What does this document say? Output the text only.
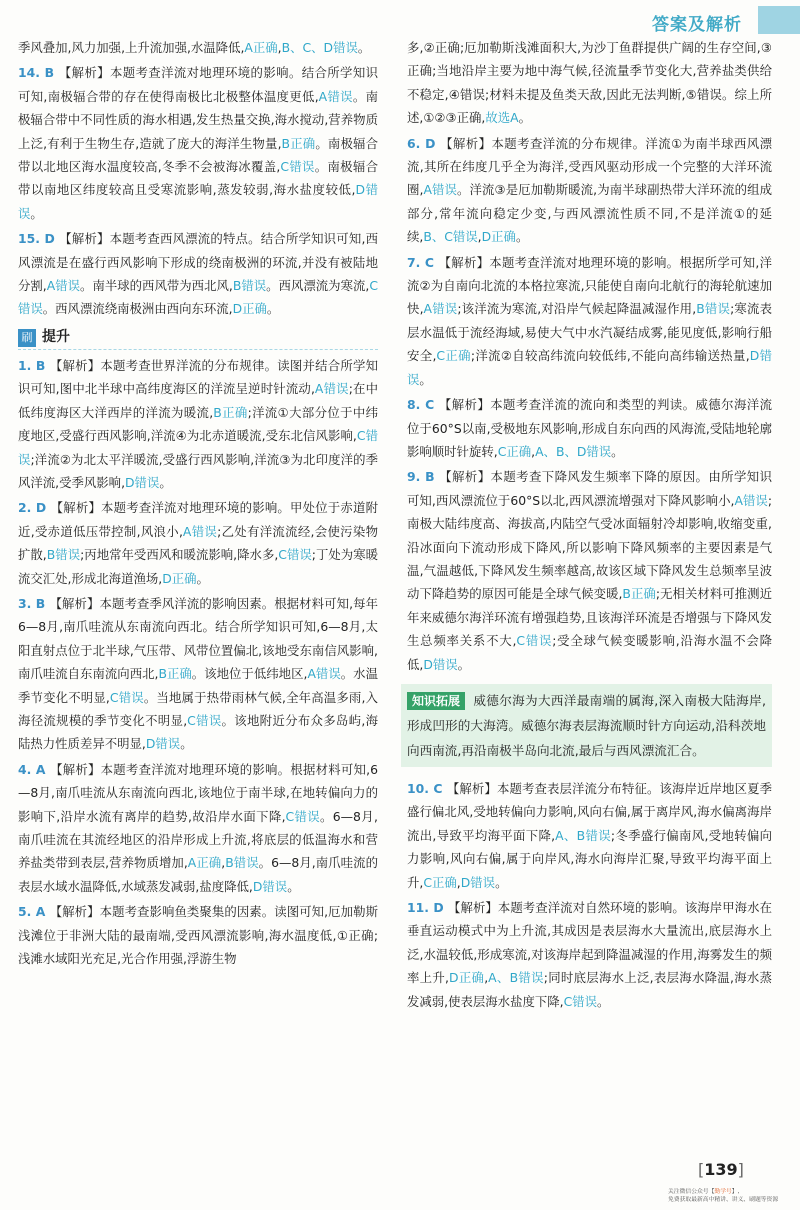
答案及解析

季风叠加,风力加强,上升流加强,水温降低,A正确,B、C、D错误。

14. B 【解析】本题考查洋流对地理环境的影响。结合所学知识可知,南极辐合带的存在使得南极比北极整体温度更低,A错误。南极辐合带中不同性质的海水相遇,发生热量交换,海水搅动,营养物质上泛,有利于生物生存,造就了庞大的海洋生物量,B正确。南极辐合带以北地区海水温度较高,冬季不会被海冰覆盖,C错误。南极辐合带以南地区纬度较高且受寒流影响,蒸发较弱,海水盐度较低,D错误。

15. D 【解析】本题考查西风漂流的特点。结合所学知识可知,西风漂流是在盛行西风影响下形成的绕南极洲的环流,并没有被陆地分割,A错误。南半球的西风带为西北风,B错误。西风漂流为寒流,C错误。西风漂流绕南极洲由西向东环流,D正确。

刷 提升

1. B 【解析】本题考查世界洋流的分布规律。读图并结合所学知识可知,图中北半球中高纬度海区的洋流呈逆时针流动,A错误;在中低纬度海区大洋西岸的洋流为暖流,B正确;洋流①大部分位于中纬度地区,受盛行西风影响,洋流④为北赤道暖流,受东北信风影响,C错误;洋流②为北太平洋暖流,受盛行西风影响,洋流③为北印度洋的季风洋流,受季风影响,D错误。

2. D 【解析】本题考查洋流对地理环境的影响。甲处位于赤道附近,受赤道低压带控制,风浪小,A错误;乙处有洋流流经,会使污染物扩散,B错误;丙地常年受西风和暖流影响,降水多,C错误;丁处为寒暖流交汇处,形成北海道渔场,D正确。

3. B 【解析】本题考查季风洋流的影响因素。根据材料可知,每年6—8月,南爪哇流从东南流向西北。结合所学知识可知,6—8月,太阳直射点位于北半球,气压带、风带位置偏北,该地受东南信风影响,南爪哇流自东南流向西北,B正确。该地位于低纬地区,A错误。水温季节变化不明显,C错误。当地属于热带雨林气候,全年高温多雨,入海径流规模的季节变化不明显,C错误。该地附近分布众多岛屿,海陆热力性质差异不明显,D错误。

4. A 【解析】本题考查洋流对地理环境的影响。根据材料可知,6—8月,南爪哇流从东南流向西北,该地位于南半球,在地转偏向力的影响下,沿岸水流有离岸的趋势,故沿岸水面下降,C错误。6—8月,南爪哇流在其流经地区的沿岸形成上升流,将底层的低温海水和营养盐类带到表层,营养物质增加,A正确,B错误。6—8月,南爪哇流的表层水域水温降低,水域蒸发减弱,盐度降低,D错误。

5. A 【解析】本题考查影响鱼类聚集的因素。读图可知,厄加勒斯浅滩位于非洲大陆的最南端,受西风漂流影响,海水温度低,①正确;浅滩水域阳光充足,光合作用强,浮游生物

多,②正确;厄加勒斯浅滩面积大,为沙丁鱼群提供广阔的生存空间,③正确;当地沿岸主要为地中海气候,径流量季节变化大,营养盐类供给不稳定,④错误;材料未提及鱼类天敌,因此无法判断,⑤错误。综上所述,①②③正确,故选A。

6. D 【解析】本题考查洋流的分布规律。洋流①为南半球西风漂流,其所在纬度几乎全为海洋,受西风驱动形成一个完整的大洋环流圈,A错误。洋流③是厄加勒斯暖流,为南半球副热带大洋环流的组成部分,常年流向稳定少变,与西风漂流性质不同,不是洋流①的延续,B、C错误,D正确。

7. C 【解析】本题考查洋流对地理环境的影响。根据所学可知,洋流②为自南向北流的本格拉寒流,只能使自南向北航行的海轮航速加快,A错误;该洋流为寒流,对沿岸气候起降温减湿作用,B错误;寒流表层水温低于流经海域,易使大气中水汽凝结成雾,能见度低,影响行船安全,C正确;洋流②自较高纬流向较低纬,不能向高纬输送热量,D错误。

8. C 【解析】本题考查洋流的流向和类型的判读。威德尔海洋流位于60°S以南,受极地东风影响,形成自东向西的风海流,受陆地轮廓影响顺时针旋转,C正确,A、B、D错误。

9. B 【解析】本题考查下降风发生频率下降的原因。由所学知识可知,西风漂流位于60°S以北,西风漂流增强对下降风影响小,A错误;南极大陆纬度高、海拔高,内陆空气受冰面辐射冷却影响,收缩变重,沿冰面向下流动形成下降风,所以影响下降风频率的主要因素是气温,气温越低,下降风发生频率越高,故该区域下降风发生总频率呈波动下降趋势的原因可能是全球气候变暖,B正确;无相关材料可推测近年来威德尔海洋环流有增强趋势,且该海洋环流是否增强与下降风发生总频率关系不大,C错误;受全球气候变暖影响,沿海水温不会降低,D错误。

知识拓展 威德尔海为大西洋最南端的属海,深入南极大陆海岸,形成凹形的大海湾。威德尔海表层海流顺时针方向运动,沿科茨地向西南流,再沿南极半岛向北流,最后与西风漂流汇合。

10. C 【解析】本题考查表层洋流分布特征。该海岸近岸地区夏季盛行偏北风,受地转偏向力影响,风向右偏,属于离岸风,海水偏离海岸流出,导致平均海平面下降,A、B错误;冬季盛行偏南风,受地转偏向力影响,风向右偏,属于向岸风,海水向海岸汇聚,导致平均海平面上升,C正确,D错误。

11. D 【解析】本题考查洋流对自然环境的影响。该海岸甲海水在垂直运动模式中为上升流,其成因是表层海水大量流出,底层海水上泛,水温较低,形成寒流,对该海岸起到降温减湿的作用,海雾发生的频率上升,D正确,A、B错误;同时底层海水上泛,表层海水降温,海水蒸发减弱,使表层海水盐度下降,C错误。

[139]
关注微信公众号【勤学号】,
免费获取最新高中精讲、讲义、刷题等资源
